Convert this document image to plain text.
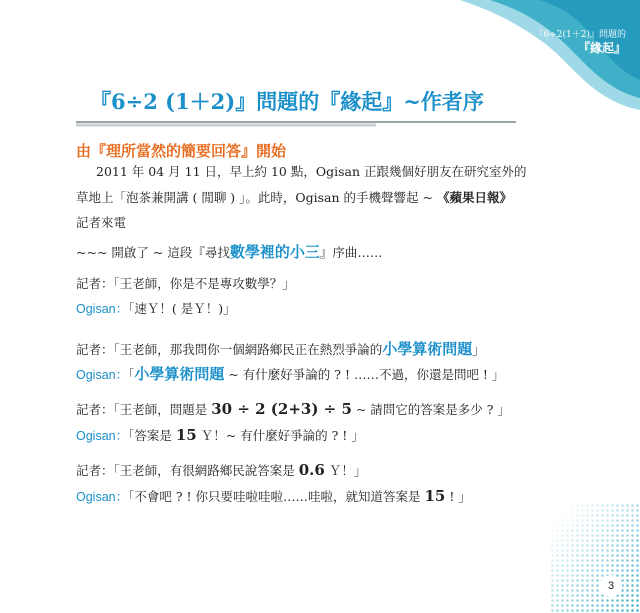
『6÷2(1＋2)』問題的
『緣起』
3
『6÷2 (1＋2)』問題的『緣起』~作者序
由『理所當然的簡要回答』開始
2011 年 04 月 11 日，早上約 10 點，Ogisan 正跟幾個好朋友在研究室外的
草地上「泡茶兼開講 ( 閒聊 ) 」。此時，Ogisan 的手機聲響起 ~ 《蘋果日報》
記者來電
~~~ 開啟了 ~ 這段『尋找數學裡的小三』序曲……
記者：「王老師，你是不是專攻數學？」
Ogisan：「速Ｙ！( 是Ｙ！)」
記者：「王老師，那我問你一個網路鄉民正在熱烈爭論的小學算術問題」
Ogisan：「小學算術問題 ~ 有什麼好爭論的 ? ! ……不過，你還是問吧 ! 」
記者：「王老師，問題是 30 ÷ 2 (2+3) ÷ 5 ~ 請問它的答案是多少 ? 」
Ogisan：「答案是 15 Ｙ！~ 有什麼好爭論的 ? ! 」
記者：「王老師，有很網路鄉民說答案是 0.6 Ｙ！」
Ogisan：「不會吧 ? ! 你只要哇啦哇啦……哇啦，就知道答案是 15 ! 」
